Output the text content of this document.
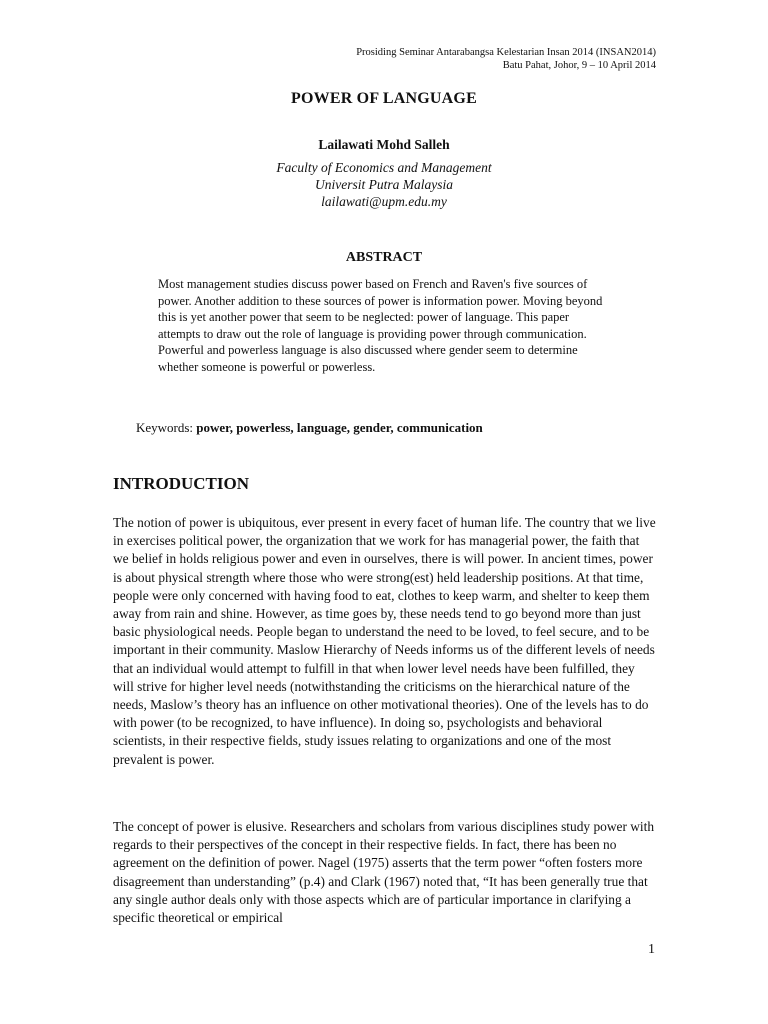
Prosiding Seminar Antarabangsa Kelestarian Insan 2014 (INSAN2014)
Batu Pahat, Johor, 9 – 10 April 2014
POWER OF LANGUAGE
Lailawati Mohd Salleh
Faculty of Economics and Management
Universit Putra Malaysia
lailawati@upm.edu.my
ABSTRACT
Most management studies discuss power based on French and Raven's five sources of power. Another addition to these sources of power is information power. Moving beyond this is yet another power that seem to be neglected: power of language. This paper attempts to draw out the role of language is providing power through communication. Powerful and powerless language is also discussed where gender seem to determine whether someone is powerful or powerless.
Keywords: power, powerless, language, gender, communication
INTRODUCTION
The notion of power is ubiquitous, ever present in every facet of human life. The country that we live in exercises political power, the organization that we work for has managerial power, the faith that we belief in holds religious power and even in ourselves, there is will power. In ancient times, power is about physical strength where those who were strong(est) held leadership positions. At that time, people were only concerned with having food to eat, clothes to keep warm, and shelter to keep them away from rain and shine. However, as time goes by, these needs tend to go beyond more than just basic physiological needs. People began to understand the need to be loved, to feel secure, and to be important in their community. Maslow Hierarchy of Needs informs us of the different levels of needs that an individual would attempt to fulfill in that when lower level needs have been fulfilled, they will strive for higher level needs (notwithstanding the criticisms on the hierarchical nature of the needs, Maslow’s theory has an influence on other motivational theories). One of the levels has to do with power (to be recognized, to have influence). In doing so, psychologists and behavioral scientists, in their respective fields, study issues relating to organizations and one of the most prevalent is power.
The concept of power is elusive. Researchers and scholars from various disciplines study power with regards to their perspectives of the concept in their respective fields. In fact, there has been no agreement on the definition of power. Nagel (1975) asserts that the term power “often fosters more disagreement than understanding” (p.4) and Clark (1967) noted that, “It has been generally true that any single author deals only with those aspects which are of particular importance in clarifying a specific theoretical or empirical
1
